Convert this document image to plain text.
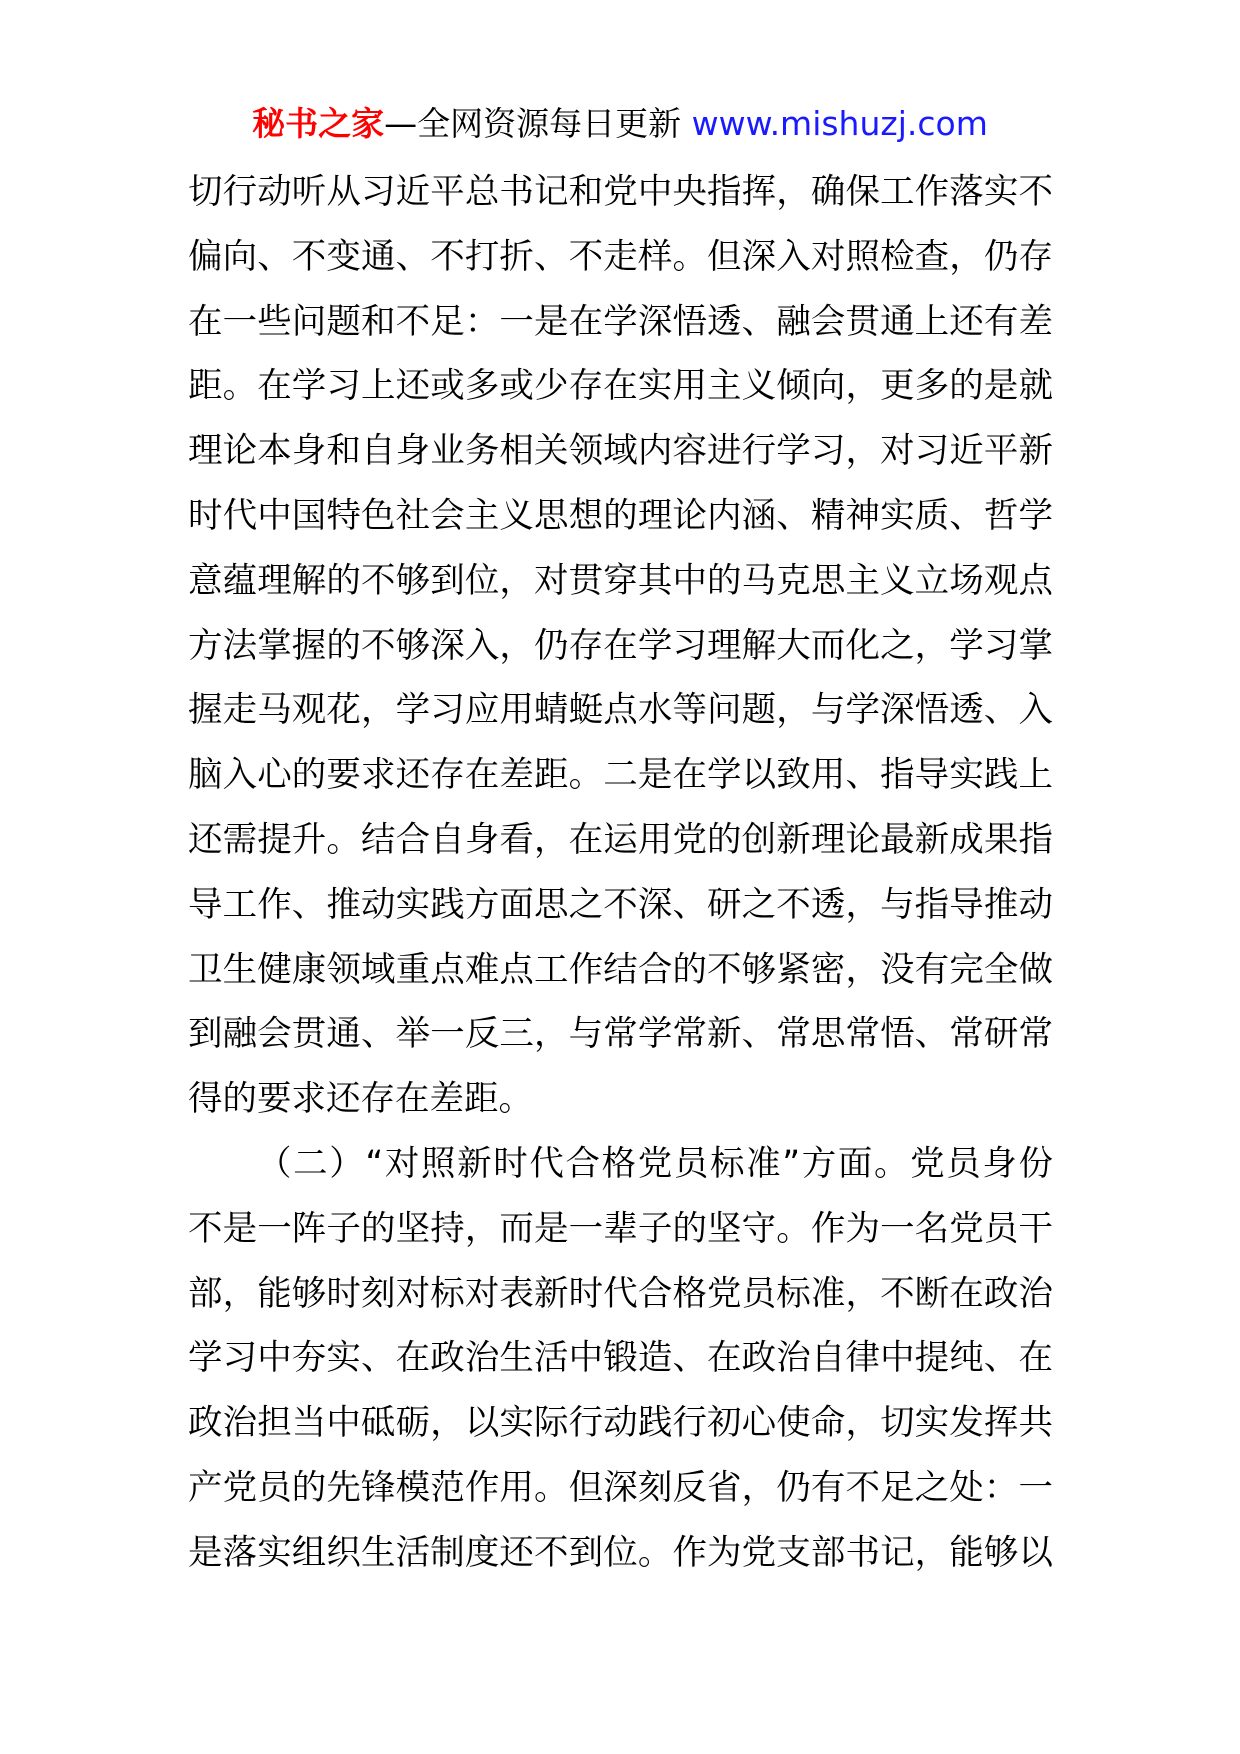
秘书之家—全网资源每日更新 www.mishuzj.com
切行动听从习近平总书记和党中央指挥，确保工作落实不
偏向、不变通、不打折、不走样。但深入对照检查，仍存
在一些问题和不足：一是在学深悟透、融会贯通上还有差
距。在学习上还或多或少存在实用主义倾向，更多的是就
理论本身和自身业务相关领域内容进行学习，对习近平新
时代中国特色社会主义思想的理论内涵、精神实质、哲学
意蕴理解的不够到位，对贯穿其中的马克思主义立场观点
方法掌握的不够深入，仍存在学习理解大而化之，学习掌
握走马观花，学习应用蜻蜓点水等问题，与学深悟透、入
脑入心的要求还存在差距。二是在学以致用、指导实践上
还需提升。结合自身看，在运用党的创新理论最新成果指
导工作、推动实践方面思之不深、研之不透，与指导推动
卫生健康领域重点难点工作结合的不够紧密，没有完全做
到融会贯通、举一反三，与常学常新、常思常悟、常研常
得的要求还存在差距。
（二）“对照新时代合格党员标准”方面。党员身份
不是一阵子的坚持，而是一辈子的坚守。作为一名党员干
部，能够时刻对标对表新时代合格党员标准，不断在政治
学习中夯实、在政治生活中锻造、在政治自律中提纯、在
政治担当中砥砺，以实际行动践行初心使命，切实发挥共
产党员的先锋模范作用。但深刻反省，仍有不足之处：一
是落实组织生活制度还不到位。作为党支部书记，能够以
